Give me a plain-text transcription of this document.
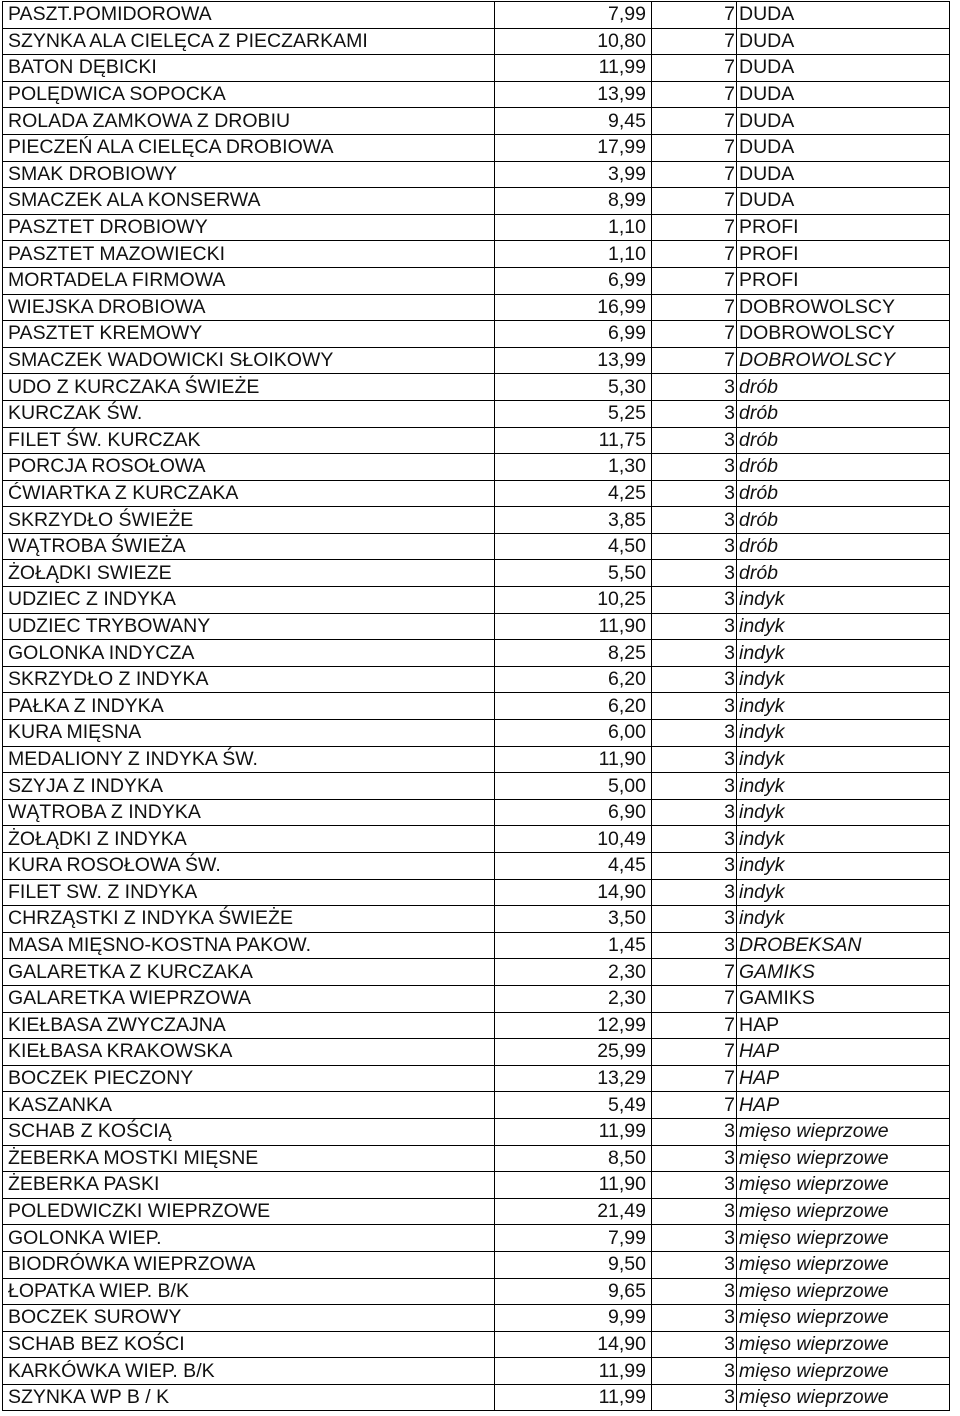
PASZT.POMIDOROWA	7,99	7	DUDA
SZYNKA ALA CIELĘCA Z PIECZARKAMI	10,80	7	DUDA
BATON DĘBICKI	11,99	7	DUDA
POLĘDWICA SOPOCKA	13,99	7	DUDA
ROLADA ZAMKOWA Z DROBIU	9,45	7	DUDA
PIECZEŃ ALA CIELĘCA DROBIOWA	17,99	7	DUDA
SMAK DROBIOWY	3,99	7	DUDA
SMACZEK ALA KONSERWA	8,99	7	DUDA
PASZTET DROBIOWY	1,10	7	PROFI
PASZTET MAZOWIECKI	1,10	7	PROFI
MORTADELA FIRMOWA	6,99	7	PROFI
WIEJSKA DROBIOWA	16,99	7	DOBROWOLSCY
PASZTET KREMOWY	6,99	7	DOBROWOLSCY
SMACZEK WADOWICKI SŁOIKOWY	13,99	7	DOBROWOLSCY
UDO Z KURCZAKA ŚWIEŻE	5,30	3	drób
KURCZAK ŚW.	5,25	3	drób
FILET ŚW. KURCZAK	11,75	3	drób
PORCJA ROSOŁOWA	1,30	3	drób
ĆWIARTKA Z KURCZAKA	4,25	3	drób
SKRZYDŁO ŚWIEŻE	3,85	3	drób
WĄTROBA ŚWIEŻA	4,50	3	drób
ŻOŁĄDKI SWIEZE	5,50	3	drób
UDZIEC Z INDYKA	10,25	3	indyk
UDZIEC TRYBOWANY	11,90	3	indyk
GOLONKA INDYCZA	8,25	3	indyk
SKRZYDŁO Z INDYKA	6,20	3	indyk
PAŁKA Z INDYKA	6,20	3	indyk
KURA MIĘSNA	6,00	3	indyk
MEDALIONY Z INDYKA ŚW.	11,90	3	indyk
SZYJA Z INDYKA	5,00	3	indyk
WĄTROBA Z INDYKA	6,90	3	indyk
ŻOŁĄDKI Z INDYKA	10,49	3	indyk
KURA ROSOŁOWA ŚW.	4,45	3	indyk
FILET SW. Z INDYKA	14,90	3	indyk
CHRZĄSTKI Z INDYKA ŚWIEŻE	3,50	3	indyk
MASA MIĘSNO-KOSTNA PAKOW.	1,45	3	DROBEKSAN
GALARETKA Z KURCZAKA	2,30	7	GAMIKS
GALARETKA WIEPRZOWA	2,30	7	GAMIKS
KIEŁBASA ZWYCZAJNA	12,99	7	HAP
KIEŁBASA KRAKOWSKA	25,99	7	HAP
BOCZEK PIECZONY	13,29	7	HAP
KASZANKA	5,49	7	HAP
SCHAB Z KOŚCIĄ	11,99	3	mięso wieprzowe
ŻEBERKA MOSTKI MIĘSNE	8,50	3	mięso wieprzowe
ŻEBERKA PASKI	11,90	3	mięso wieprzowe
POLEDWICZKI WIEPRZOWE	21,49	3	mięso wieprzowe
GOLONKA WIEP.	7,99	3	mięso wieprzowe
BIODRÓWKA WIEPRZOWA	9,50	3	mięso wieprzowe
ŁOPATKA WIEP. B/K	9,65	3	mięso wieprzowe
BOCZEK SUROWY	9,99	3	mięso wieprzowe
SCHAB BEZ KOŚCI	14,90	3	mięso wieprzowe
KARKÓWKA WIEP. B/K	11,99	3	mięso wieprzowe
SZYNKA WP B / K	11,99	3	mięso wieprzowe
